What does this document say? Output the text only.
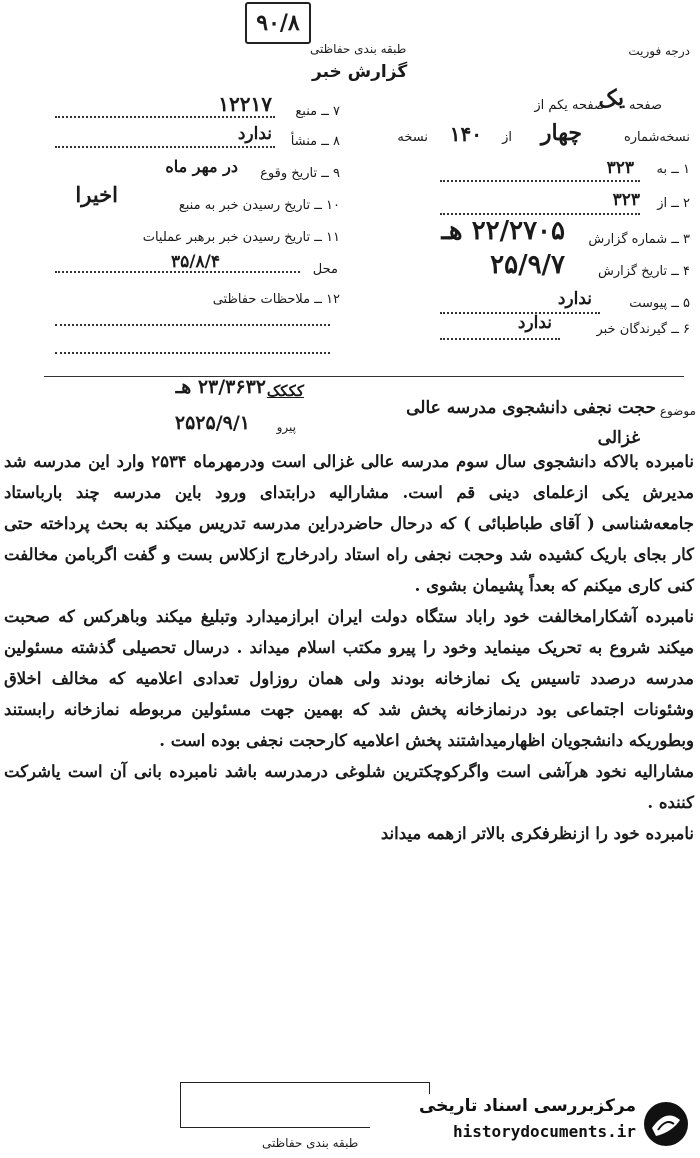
۹۰/۸
طبقه بندی حفاظتی
گزارش خبر
درجه فوریت
صفحه یکم از
یک صفحه
نسخه‌شماره
چهار
از
۱۴۰
نسخه
۱ ــ به
۳۲۳
۲ ــ از
۳۲۳
۳ ــ شماره گزارش
۲۲/۲۷۰۵ هـ
۴ ــ تاریخ گزارش
۲۵/۹/۷
۵ ــ پیوست
ندارد
۶ ــ گیرندگان خبر
ندارد
۷ ــ منبع
۱۲۲۱۷
۸ ــ منشأ
ندارد
۹ ــ تاریخ وقوع
در مهر ماه
۱۰ ــ تاریخ رسیدن خبر به منبع
اخیرا
۱۱ ــ تاریخ رسیدن خبر برهبر عملیات
محل
۳۵/۸/۴
۱۲ ــ ملاحظات حفاظتی
موضوع
حجت نجفی دانشجوی مدرسه عالی
غزالی
کککک
پیرو
۲۳/۳۶۳۲ هـ
۲۵۲۵/۹/۱

نامبرده بالاکه دانشجوی سال سوم مدرسه عالی غزالی است ودرمهرماه ۲۵۳۴ وارد این مدرسه شد مدیرش یکی ازعلمای دینی قم است. مشارالیه درابتدای ورود باین مدرسه چند بارباستاد جامعه‌شناسی ( آقای طباطبائی ) که درحال حاضردراین مدرسه تدریس میکند به بحث پرداخته حتی کار بجای باریک کشیده شد وحجت نجفی راه استاد رادرخارج ازکلاس بست و گفت اگربامن مخالفت کنی کاری میکنم که بعداً پشیمان بشوی .

نامبرده آشکارامخالفت خود راباد ستگاه دولت ایران ابرازمیدارد وتبلیغ میکند وباهرکس که صحبت میکند شروع به تحریک مینماید وخود را پیرو مکتب اسلام میداند . درسال تحصیلی گذشته مسئولین مدرسه درصدد تاسیس یک نمازخانه بودند ولی همان روزاول تعدادی اعلامیه که مخالف اخلاق وشئونات اجتماعی بود درنمازخانه پخش شد که بهمین جهت مسئولین مربوطه نمازخانه رابستند وبطوریکه دانشجویان اظهارمیداشتند پخش اعلامیه کارحجت نجفی بوده است .

مشارالیه نخود هرآشی است واگرکوچکترین شلوغی درمدرسه باشد نامبرده بانی آن است یاشرکت کننده .

نامبرده خود را ازنظرفکری بالاتر ازهمه میداند

مرکزبررسی اسناد تاریخی
historydocuments.ir
طبقه بندی حفاظتی
